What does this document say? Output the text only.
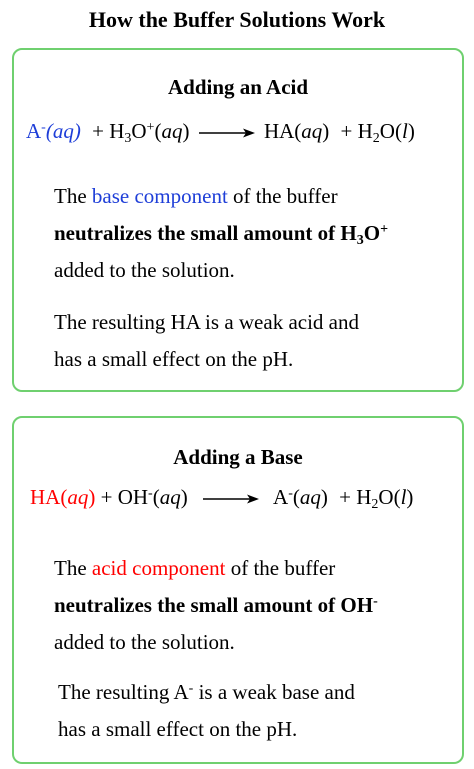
How the Buffer Solutions Work
Adding an Acid
$A^-(aq) + H_3O^+(aq) \to HA(aq) + H_2O(l)$
The base component of the buffer
neutralizes the small amount of $H_3O^+$
added to the solution.
The resulting HA is a weak acid and
has a small effect on the pH.
Adding a Base
$HA(aq) + OH^-(aq) \to A^-(aq) + H_2O(l)$
The acid component of the buffer
neutralizes the small amount of OH-
added to the solution.
The resulting A- is a weak base and
has a small effect on the pH.
